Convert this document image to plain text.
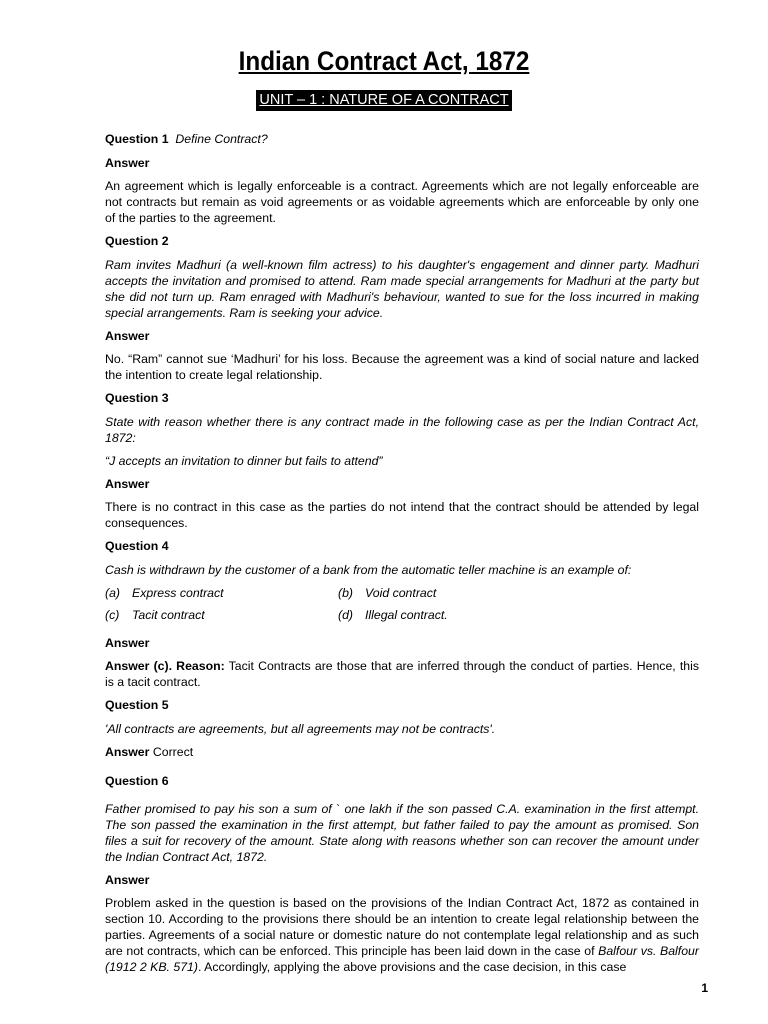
Indian Contract Act, 1872
UNIT – 1 : NATURE OF A CONTRACT
Question 1 Define Contract?
Answer

An agreement which is legally enforceable is a contract. Agreements which are not legally enforceable are not contracts but remain as void agreements or as voidable agreements which are enforceable by only one of the parties to the agreement.

Question 2

Ram invites Madhuri (a well-known film actress) to his daughter's engagement and dinner party. Madhuri accepts the invitation and promised to attend. Ram made special arrangements for Madhuri at the party but she did not turn up. Ram enraged with Madhuri's behaviour, wanted to sue for the loss incurred in making special arrangements. Ram is seeking your advice.

Answer

No. “Ram” cannot sue ‘Madhuri’ for his loss. Because the agreement was a kind of social nature and lacked the intention to create legal relationship.

Question 3

State with reason whether there is any contract made in the following case as per the Indian Contract Act, 1872:

“J accepts an invitation to dinner but fails to attend”

Answer

There is no contract in this case as the parties do not intend that the contract should be attended by legal consequences.

Question 4

Cash is withdrawn by the customer of a bank from the automatic teller machine is an example of:

(a) Express contract	(b) Void contract
(c) Tacit contract	(d) Illegal contract.
Answer

Answer (c). Reason: Tacit Contracts are those that are inferred through the conduct of parties. Hence, this is a tacit contract.

Question 5

'All contracts are agreements, but all agreements may not be contracts'.

Answer Correct

Question 6

Father promised to pay his son a sum of ` one lakh if the son passed C.A. examination in the first attempt. The son passed the examination in the first attempt, but father failed to pay the amount as promised. Son files a suit for recovery of the amount. State along with reasons whether son can recover the amount under the Indian Contract Act, 1872.

Answer

Problem asked in the question is based on the provisions of the Indian Contract Act, 1872 as contained in section 10. According to the provisions there should be an intention to create legal relationship between the parties. Agreements of a social nature or domestic nature do not contemplate legal relationship and as such are not contracts, which can be enforced. This principle has been laid down in the case of Balfour vs. Balfour (1912 2 KB. 571). Accordingly, applying the above provisions and the case decision, in this case

1
